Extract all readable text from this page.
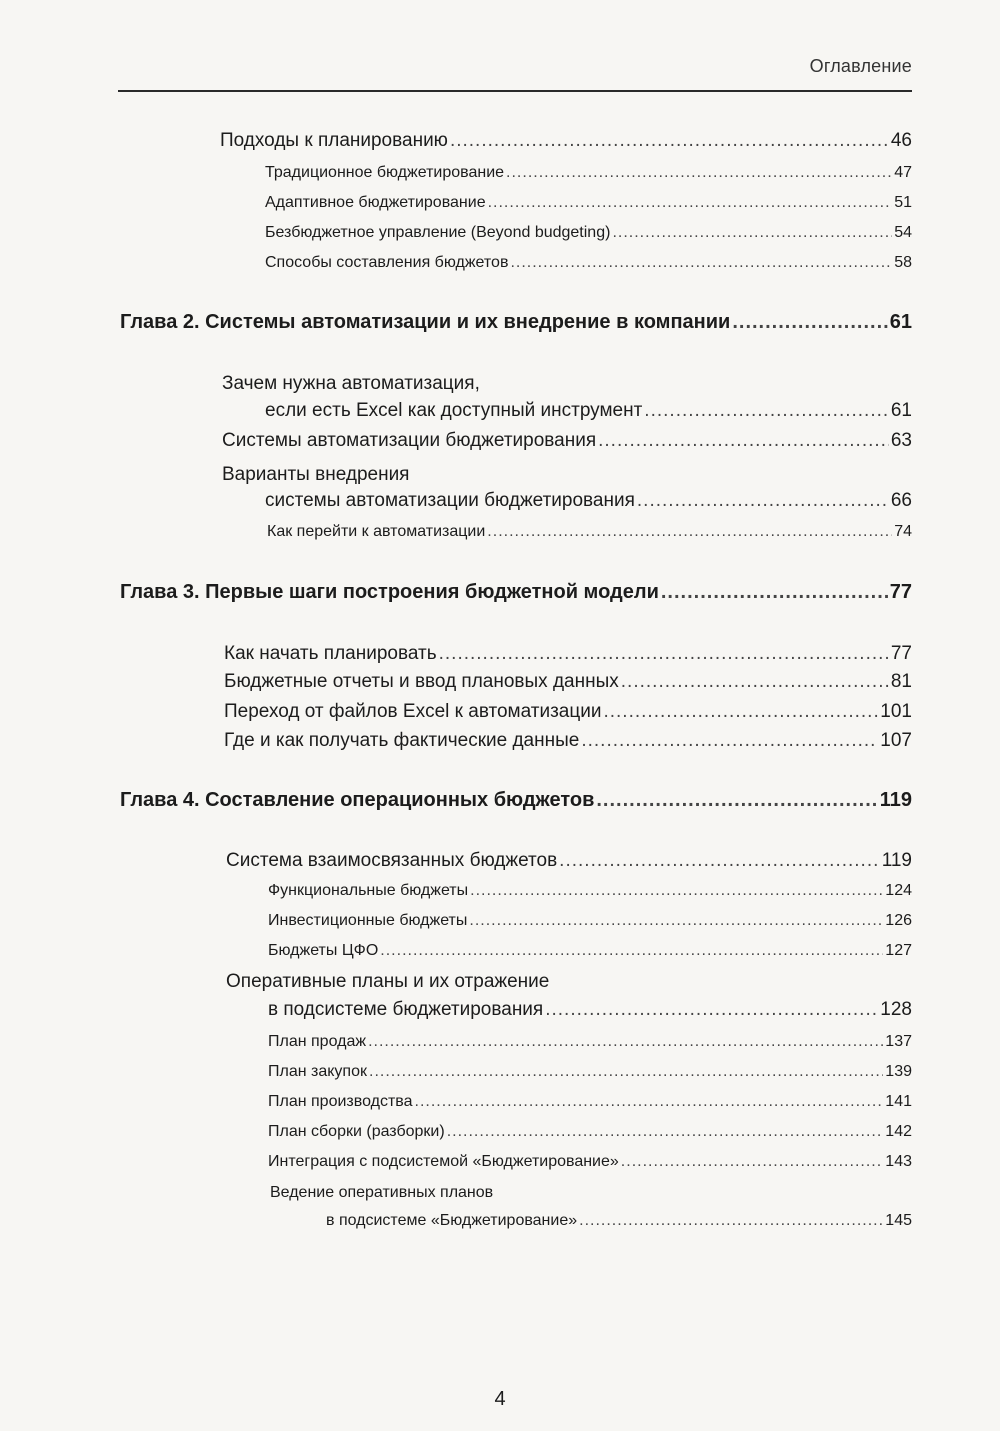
Оглавление
Подходы к планированию .....	46
Традиционное бюджетирование .....	47
Адаптивное бюджетирование .....	51
Безбюджетное управление (Beyond budgeting) .....	54
Способы составления бюджетов .....	58
Глава 2. Системы автоматизации и их внедрение в компании .....	61
Зачем нужна автоматизация,
если есть Excel как доступный инструмент .....	61
Системы автоматизации бюджетирования .....	63
Варианты внедрения
системы автоматизации бюджетирования .....	66
Как перейти к автоматизации .....	74
Глава 3. Первые шаги построения бюджетной модели .....	77
Как начать планировать .....	77
Бюджетные отчеты и ввод плановых данных .....	81
Переход от файлов Excel к автоматизации .....	101
Где и как получать фактические данные .....	107
Глава 4. Составление операционных бюджетов .....	119
Система взаимосвязанных бюджетов .....	119
Функциональные бюджеты .....	124
Инвестиционные бюджеты .....	126
Бюджеты ЦФО .....	127
Оперативные планы и их отражение
в подсистеме бюджетирования .....	128
План продаж .....	137
План закупок .....	139
План производства .....	141
План сборки (разборки) .....	142
Интеграция с подсистемой «Бюджетирование» .....	143
Ведение оперативных планов
в подсистеме «Бюджетирование» .....	145
4
